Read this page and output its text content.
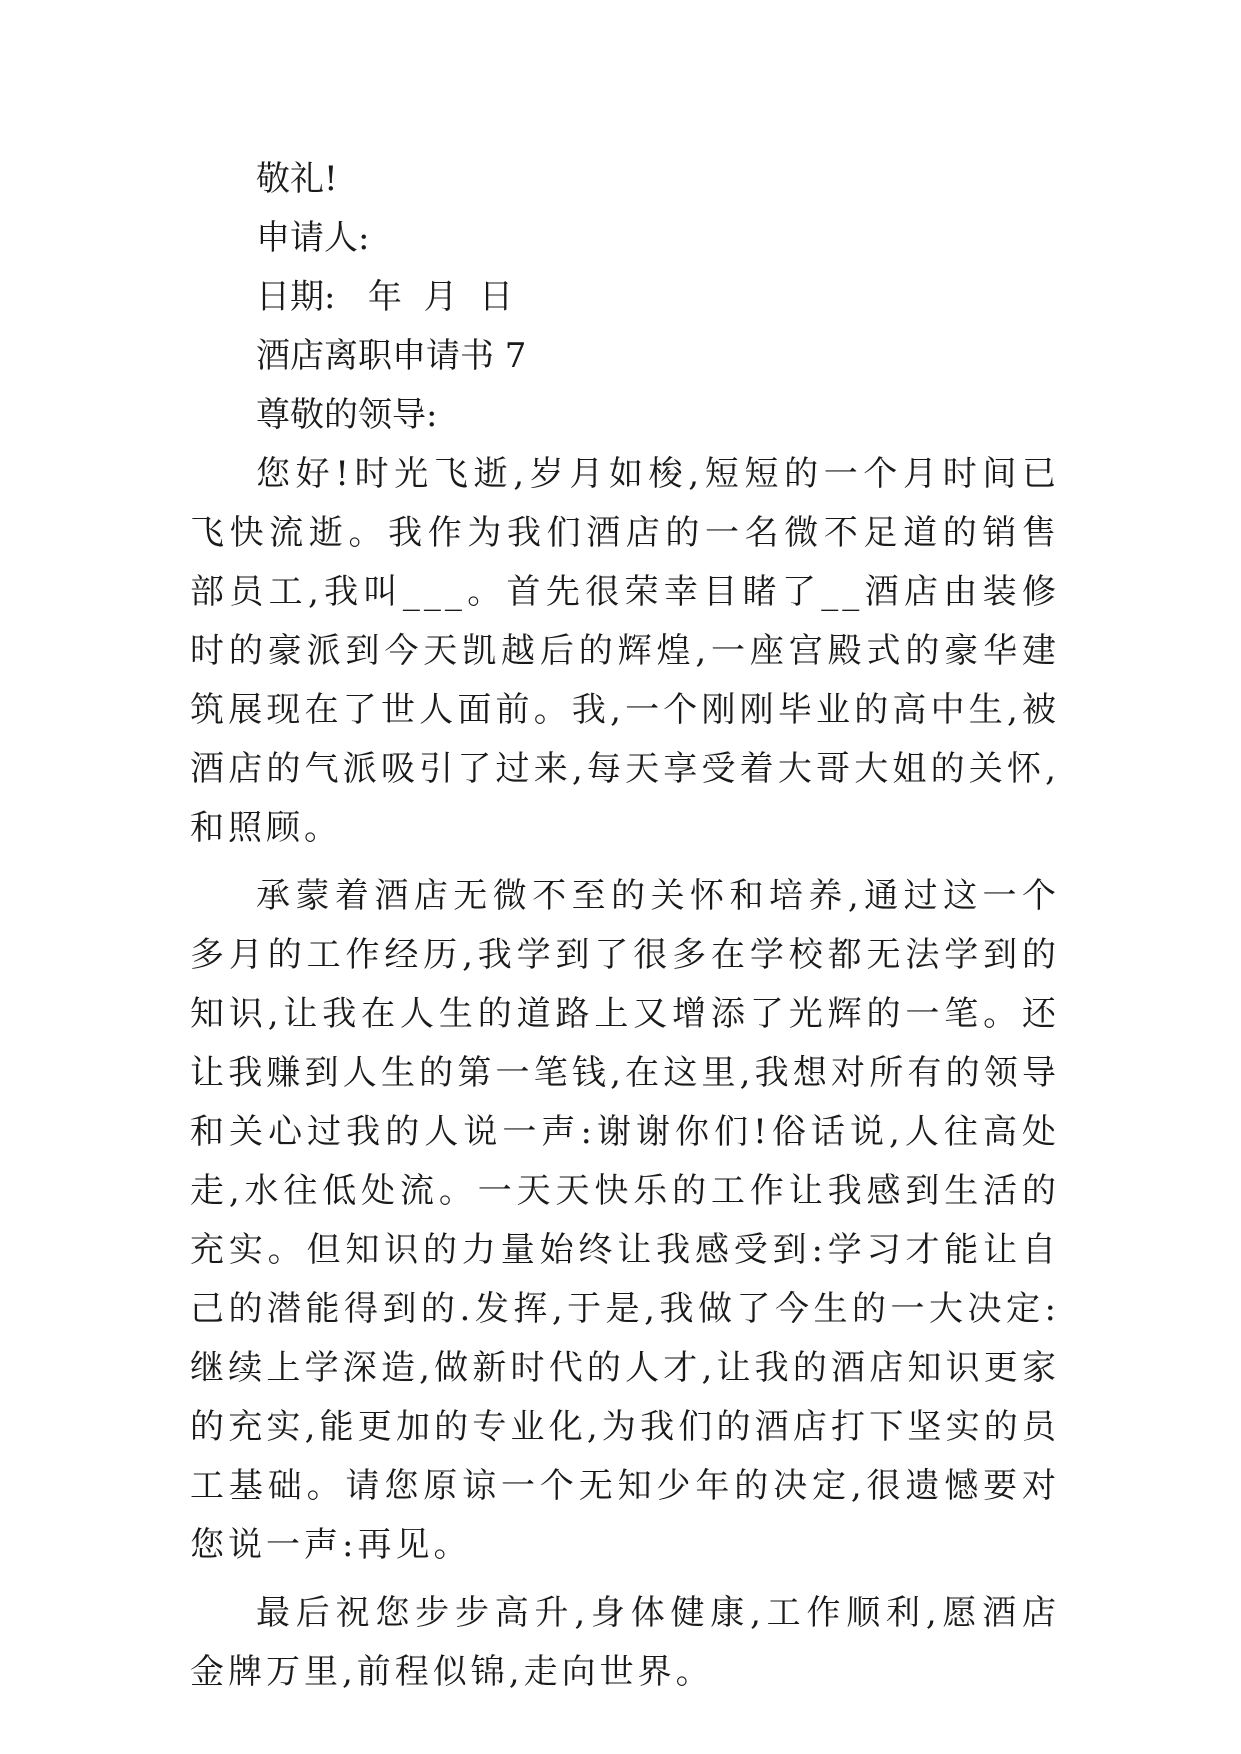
敬礼!

申请人:

日期:   年  月  日

酒店离职申请书 7

尊敬的领导:

您好!时光飞逝,岁月如梭,短短的一个月时间已飞快流逝。我作为我们酒店的一名微不足道的销售部员工,我叫___。首先很荣幸目睹了__酒店由装修时的豪派到今天凯越后的辉煌,一座宫殿式的豪华建筑展现在了世人面前。我,一个刚刚毕业的高中生,被酒店的气派吸引了过来,每天享受着大哥大姐的关怀,和照顾。

承蒙着酒店无微不至的关怀和培养,通过这一个多月的工作经历,我学到了很多在学校都无法学到的知识,让我在人生的道路上又增添了光辉的一笔。还让我赚到人生的第一笔钱,在这里,我想对所有的领导和关心过我的人说一声:谢谢你们!俗话说,人往高处走,水往低处流。一天天快乐的工作让我感到生活的充实。但知识的力量始终让我感受到:学习才能让自己的潜能得到的.发挥,于是,我做了今生的一大决定:继续上学深造,做新时代的人才,让我的酒店知识更家的充实,能更加的专业化,为我们的酒店打下坚实的员工基础。请您原谅一个无知少年的决定,很遗憾要对您说一声:再见。

最后祝您步步高升,身体健康,工作顺利,愿酒店金牌万里,前程似锦,走向世界。
